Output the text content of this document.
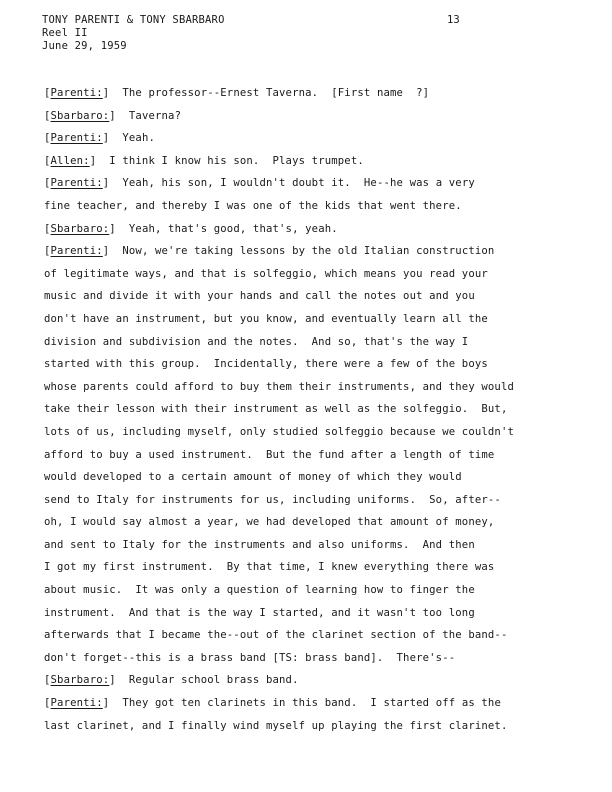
TONY PARENTI & TONY SBARBARO
Reel II
June 29, 1959
13
[Parenti:]  The professor--Ernest Taverna.  [First name  ?]
[Sbarbaro:]  Taverna?
[Parenti:]  Yeah.
[Allen:]  I think I know his son.  Plays trumpet.
[Parenti:]  Yeah, his son, I wouldn't doubt it.  He--he was a very
fine teacher, and thereby I was one of the kids that went there.
[Sbarbaro:]  Yeah, that's good, that's, yeah.
[Parenti:]  Now, we're taking lessons by the old Italian construction
of legitimate ways, and that is solfeggio, which means you read your
music and divide it with your hands and call the notes out and you
don't have an instrument, but you know, and eventually learn all the
division and subdivision and the notes.  And so, that's the way I
started with this group.  Incidentally, there were a few of the boys
whose parents could afford to buy them their instruments, and they would
take their lesson with their instrument as well as the solfeggio.  But,
lots of us, including myself, only studied solfeggio because we couldn't
afford to buy a used instrument.  But the fund after a length of time
would developed to a certain amount of money of which they would
send to Italy for instruments for us, including uniforms.  So, after--
oh, I would say almost a year, we had developed that amount of money,
and sent to Italy for the instruments and also uniforms.  And then
I got my first instrument.  By that time, I knew everything there was
about music.  It was only a question of learning how to finger the
instrument.  And that is the way I started, and it wasn't too long
afterwards that I became the--out of the clarinet section of the band--
don't forget--this is a brass band [TS: brass band].  There's--
[Sbarbaro:]  Regular school brass band.
[Parenti:]  They got ten clarinets in this band.  I started off as the
last clarinet, and I finally wind myself up playing the first clarinet.
